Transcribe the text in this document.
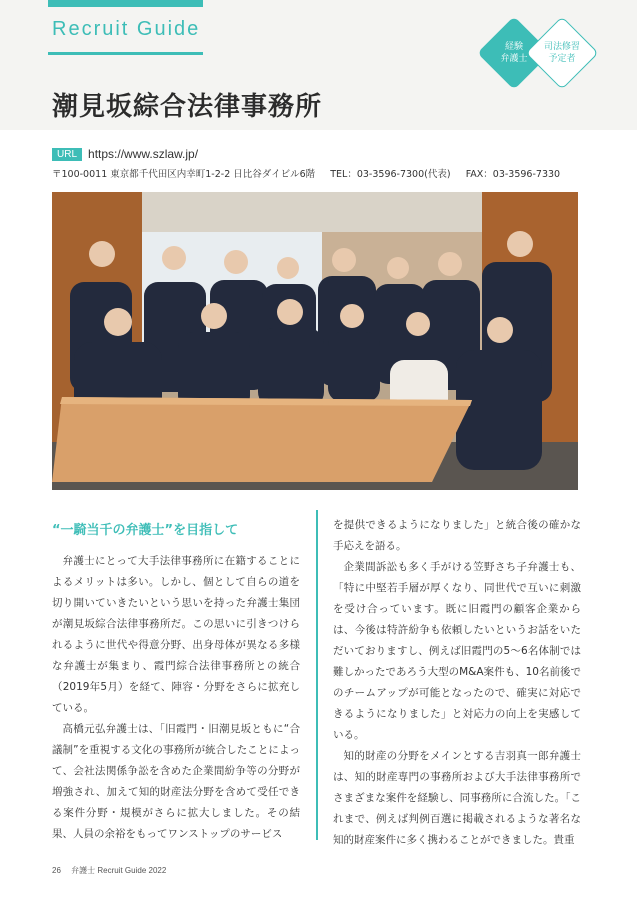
Recruit Guide
経験
弁護士
司法修習
予定者
潮見坂綜合法律事務所
URL https://www.szlaw.jp/
〒100-0011 東京都千代田区内幸町1-2-2 日比谷ダイビル6階 TEL：03-3596-7300(代表) FAX：03-3596-7330
“一騎当千の弁護士”を目指して

弁護士にとって大手法律事務所に在籍することによるメリットは多い。しかし、個として自らの道を切り開いていきたいという思いを持った弁護士集団が潮見坂綜合法律事務所だ。この思いに引きつけられるように世代や得意分野、出身母体が異なる多様な弁護士が集まり、霞門綜合法律事務所との統合（2019年5月）を経て、陣容・分野をさらに拡充している。

高橋元弘弁護士は、「旧霞門・旧潮見坂ともに“合議制”を重視する文化の事務所が統合したことによって、会社法関係争訟を含めた企業間紛争等の分野が増強され、加えて知的財産法分野を含めて受任できる案件分野・規模がさらに拡大しました。その結果、人員の余裕をもってワンストップのサービス

を提供できるようになりました」と統合後の確かな手応えを語る。

企業間訴訟も多く手がける笠野さち子弁護士も、「特に中堅若手層が厚くなり、同世代で互いに刺激を受け合っています。既に旧霞門の顧客企業からは、今後は特許紛争も依頼したいというお話をいただいておりますし、例えば旧霞門の5～6名体制では難しかったであろう大型のM&A案件も、10名前後でのチームアップが可能となったので、確実に対応できるようになりました」と対応力の向上を実感している。

知的財産の分野をメインとする吉羽真一郎弁護士は、知的財産専門の事務所および大手法律事務所でさまざまな案件を経験し、同事務所に合流した。「これまで、例えば判例百選に掲載されるような著名な知的財産案件に多く携わることができました。貴重

26 弁護士 Recruit Guide 2022
